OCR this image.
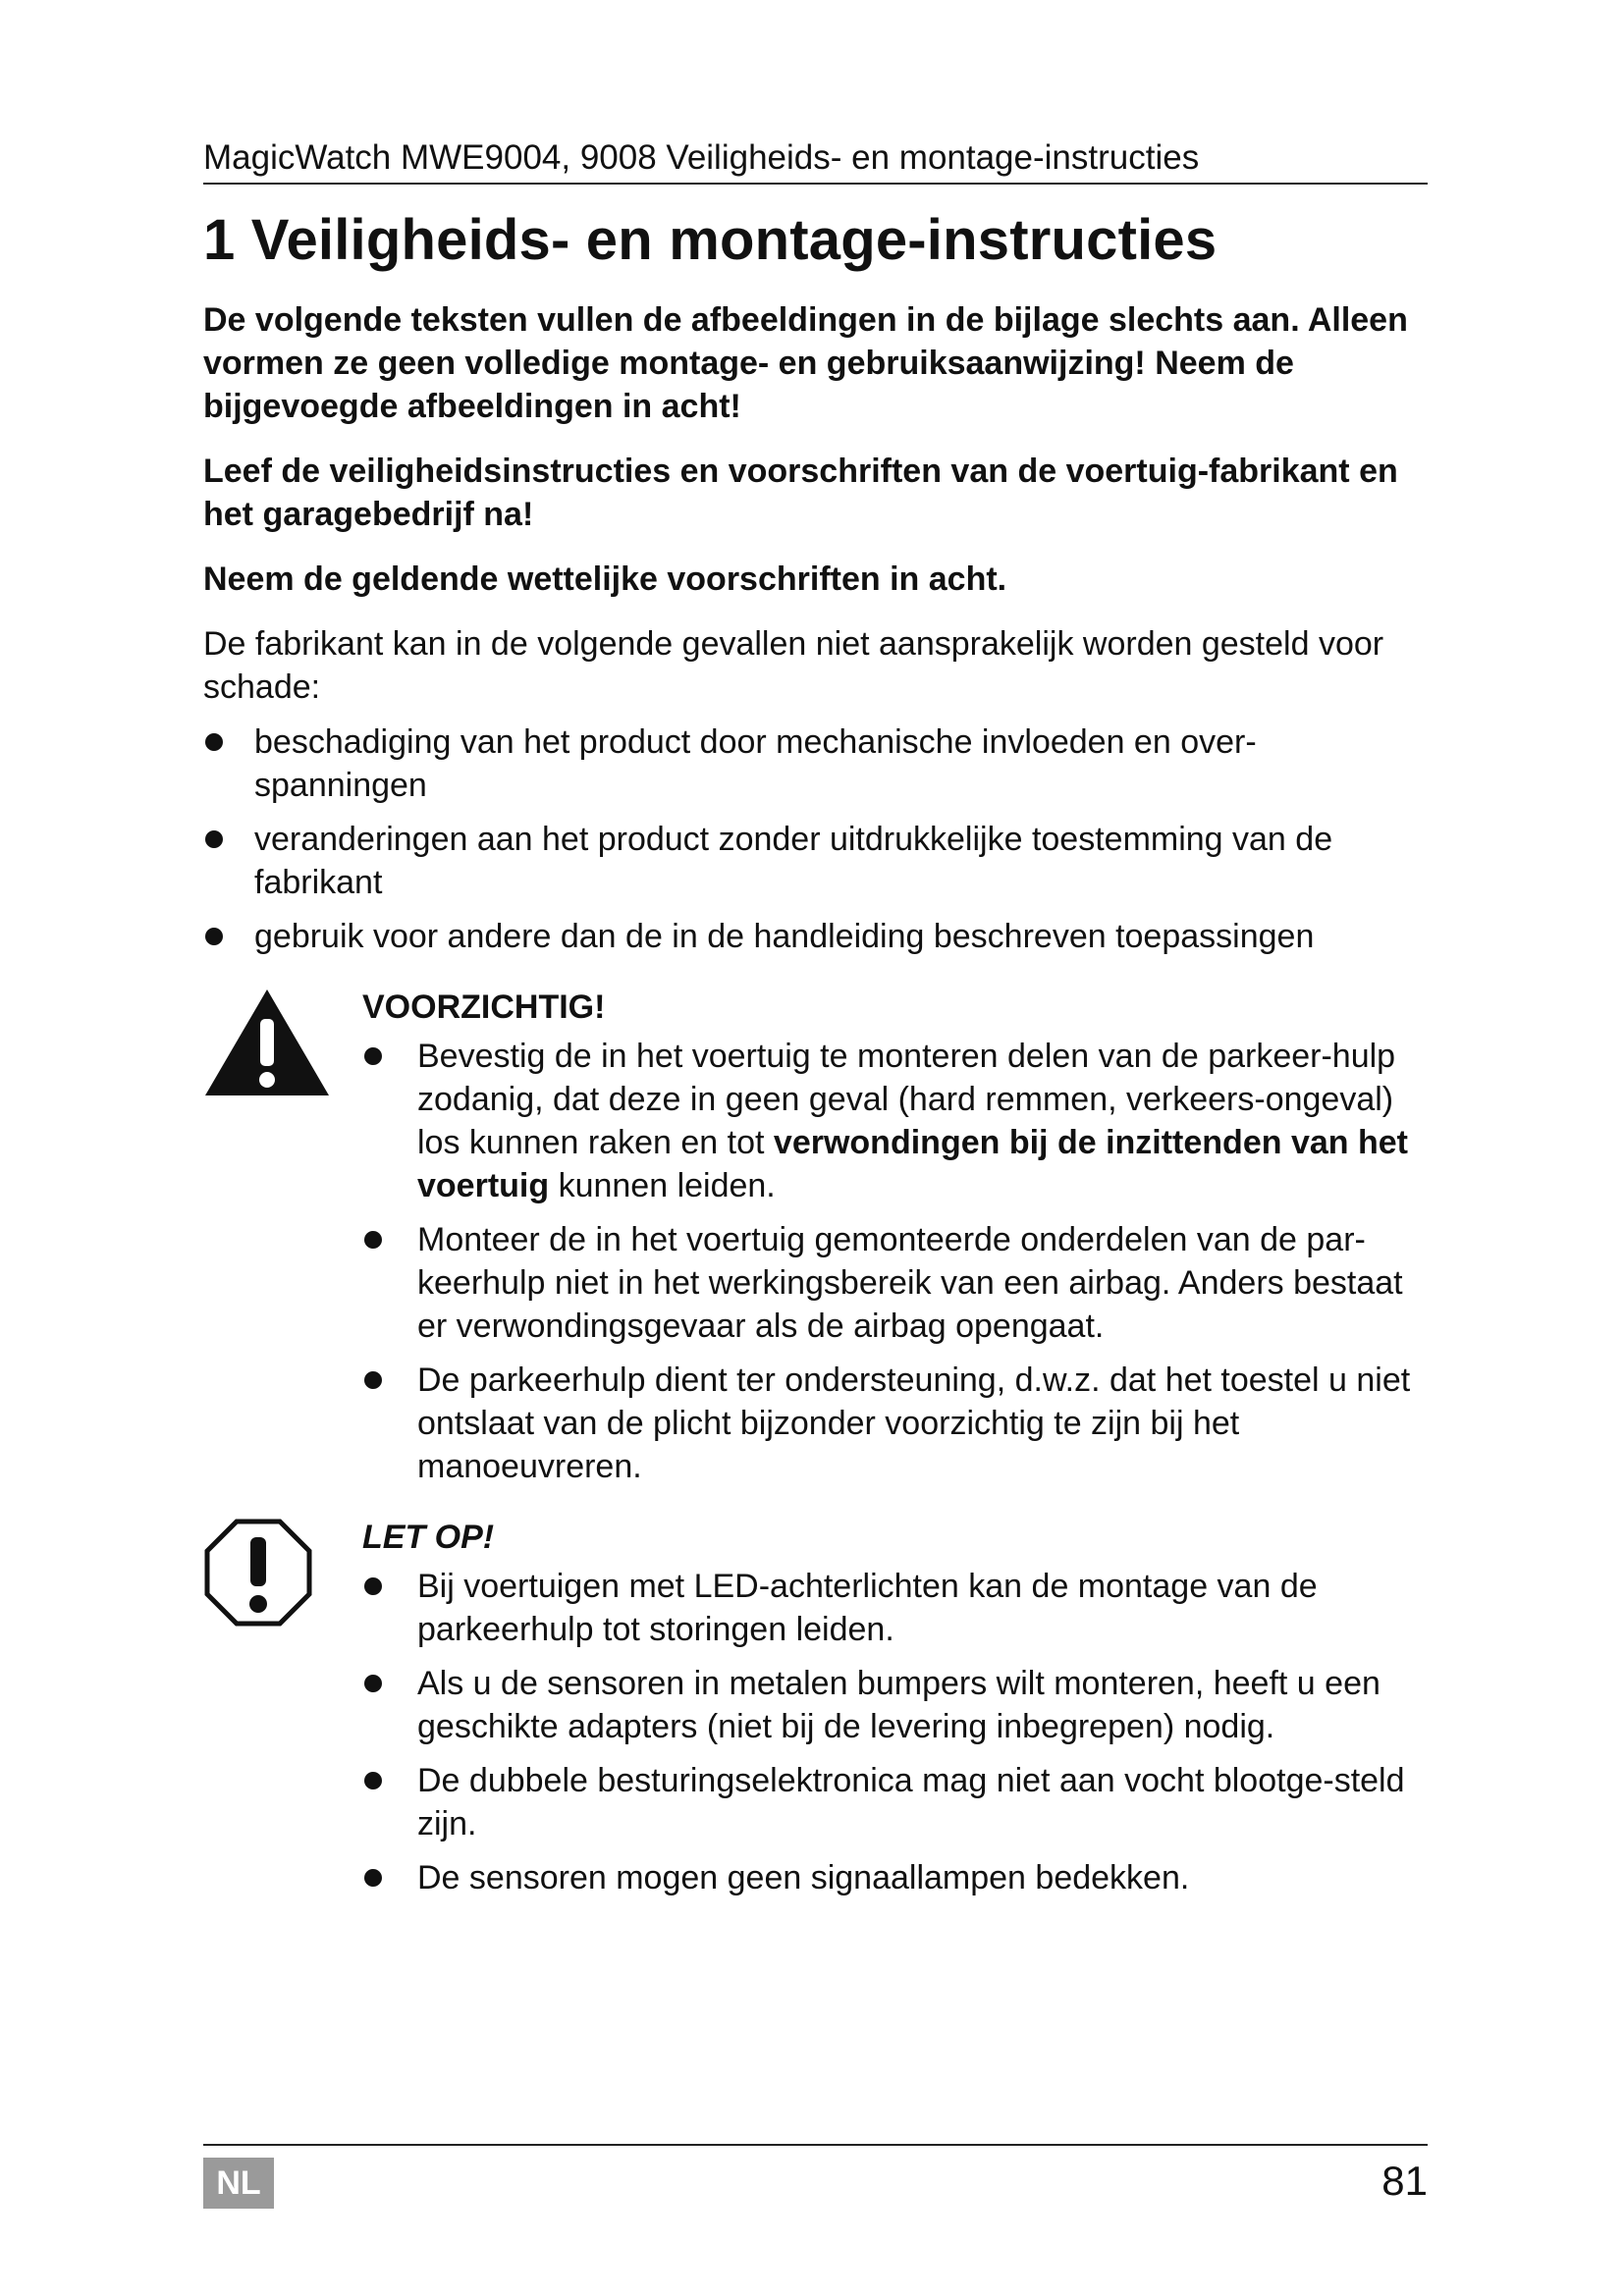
MagicWatch MWE9004, 9008 Veiligheids- en montage-instructies
1 Veiligheids- en montage-instructies

De volgende teksten vullen de afbeeldingen in de bijlage slechts aan. Alleen vormen ze geen volledige montage- en gebruiksaanwijzing! Neem de bijgevoegde afbeeldingen in acht!

Leef de veiligheidsinstructies en voorschriften van de voertuig-fabrikant en het garagebedrijf na!

Neem de geldende wettelijke voorschriften in acht.

De fabrikant kan in de volgende gevallen niet aansprakelijk worden gesteld voor schade:

beschadiging van het product door mechanische invloeden en over-spanningen
veranderingen aan het product zonder uitdrukkelijke toestemming van de fabrikant
gebruik voor andere dan de in de handleiding beschreven toepassingen

VOORZICHTIG!

Bevestig de in het voertuig te monteren delen van de parkeer-hulp zodanig, dat deze in geen geval (hard remmen, verkeers-ongeval) los kunnen raken en tot verwondingen bij de inzittenden van het voertuig kunnen leiden.
Monteer de in het voertuig gemonteerde onderdelen van de par-keerhulp niet in het werkingsbereik van een airbag. Anders bestaat er verwondingsgevaar als de airbag opengaat.
De parkeerhulp dient ter ondersteuning, d.w.z. dat het toestel u niet ontslaat van de plicht bijzonder voorzichtig te zijn bij het manoeuvreren.

LET OP!

Bij voertuigen met LED-achterlichten kan de montage van de parkeerhulp tot storingen leiden.
Als u de sensoren in metalen bumpers wilt monteren, heeft u een geschikte adapters (niet bij de levering inbegrepen) nodig.
De dubbele besturingselektronica mag niet aan vocht blootge-steld zijn.
De sensoren mogen geen signaallampen bedekken.
NL	81
